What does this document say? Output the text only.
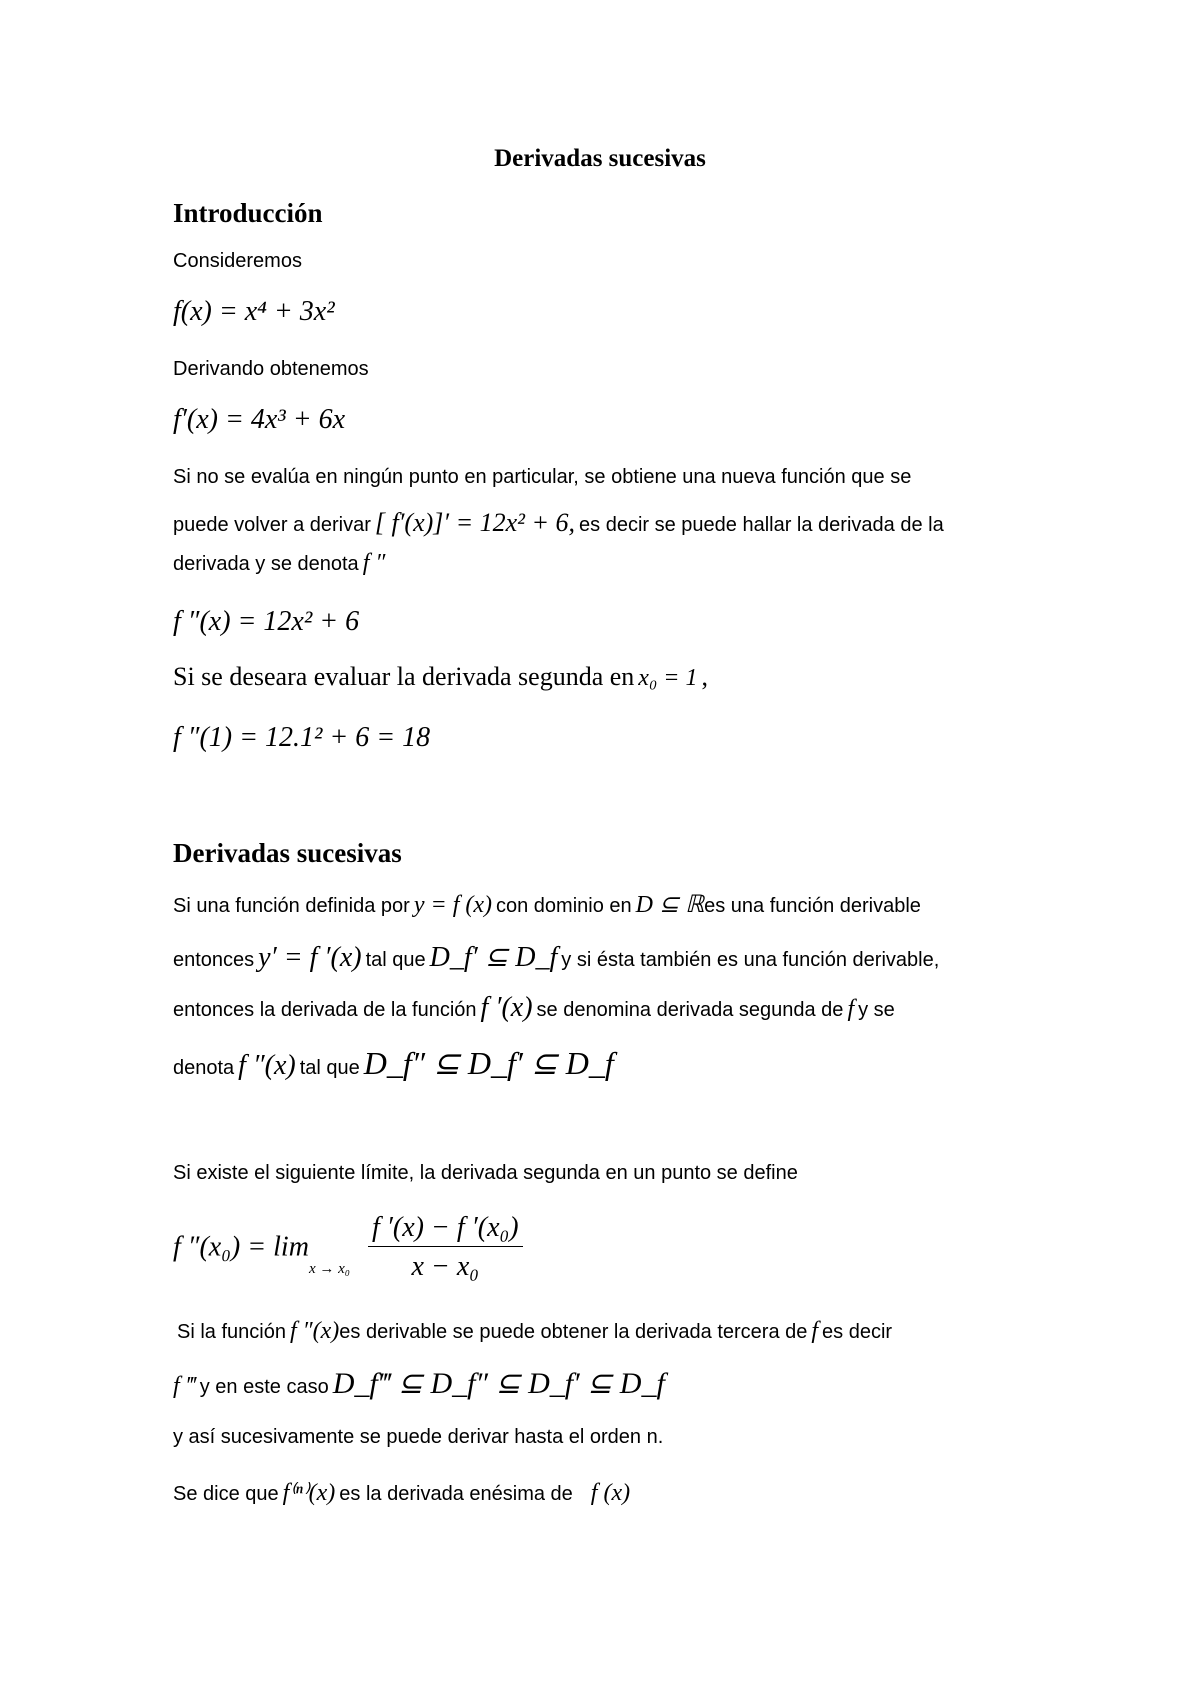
Derivadas sucesivas
Introducción
Consideremos
f(x) = x⁴ + 3x²
Derivando obtenemos
f′(x) = 4x³ + 6x
Si no se evalúa en ningún punto en particular, se obtiene una nueva función que se
puede volver a derivar [ f′(x)]′ = 12x² + 6, es decir se puede hallar la derivada de la
derivada y se denota f ″
f ″(x) = 12x² + 6
Si se deseara evaluar la derivada segunda en x₀ = 1 ,
f ″(1) = 12.1² + 6 = 18
Derivadas sucesivas
Si una función definida por y = f (x) con dominio en D ⊆ ℝes una función derivable
entonces y′ = f ′(x) tal que D_f′ ⊆ D_f y si ésta también es una función derivable,
entonces la derivada de la función f ′(x) se denomina derivada segunda de f y se
denota f ″(x) tal que D_f″ ⊆ D_f′ ⊆ D_f
Si existe el siguiente límite, la derivada segunda en un punto se define
f $''(x_0) = \lim x \to x_0 \frac{\text{f ′(x) − f ′(x₀)}}{\text{x − x₀}}$
Si la función f ″(x)es derivable se puede obtener la derivada tercera de f es decir
f ‴ y en este caso D_f‴ ⊆ D_f″ ⊆ D_f′ ⊆ D_f
y así sucesivamente se puede derivar hasta el orden n.
Se dice que f⁽ⁿ⁾(x) es la derivada enésima de f (x)
